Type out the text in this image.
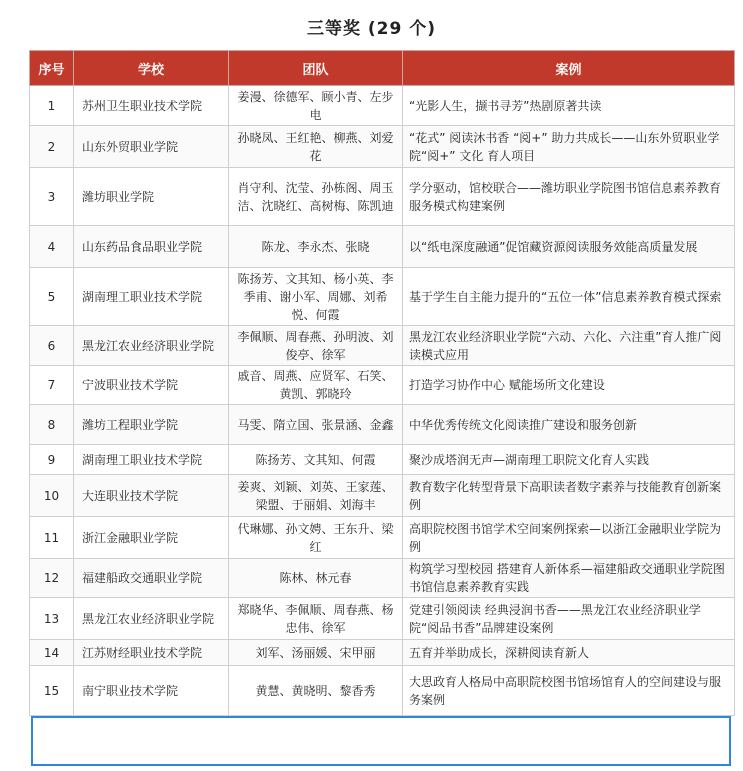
三等奖 (29 个)
序号	学校	团队	案例
1	苏州卫生职业技术学院	姜漫、徐德军、顾小青、左步电	“光影人生，撷书寻芳”热剧原著共读
2	山东外贸职业学院	孙晓凤、王红艳、柳燕、刘爱花	“花式” 阅读沐书香 “阅+” 助力共成长——山东外贸职业学院“阅+” 文化 育人项目
3	潍坊职业学院	肖守利、沈莹、孙栋阁、周玉洁、沈晓红、高树梅、陈凯迪	学分驱动，馆校联合——潍坊职业学院图书馆信息素养教育服务模式构建案例
4	山东药品食品职业学院	陈龙、李永杰、张晓	以“纸电深度融通”促馆藏资源阅读服务效能高质量发展
5	湖南理工职业技术学院	陈扬芳、文其知、杨小英、李季甫、谢小军、周娜、刘希悦、何霞	基于学生自主能力提升的“五位一体”信息素养教育模式探索
6	黑龙江农业经济职业学院	李佩顺、周春燕、孙明波、刘俊亭、徐军	黑龙江农业经济职业学院“六动、六化、六注重”育人推广阅读模式应用
7	宁波职业技术学院	戚音、周燕、应贤军、石笑、黄凯、郭晓玲	打造学习协作中心 赋能场所文化建设
8	潍坊工程职业学院	马雯、隋立国、张景涵、金鑫	中华优秀传统文化阅读推广建设和服务创新
9	湖南理工职业技术学院	陈扬芳、文其知、何霞	聚沙成塔润无声—湖南理工职院文化育人实践
10	大连职业技术学院	姜爽、刘颖、刘英、王家莲、梁盟、于丽娟、刘海丰	教育数字化转型背景下高职读者数字素养与技能教育创新案例
11	浙江金融职业学院	代琳娜、孙文娉、王东升、梁红	高职院校图书馆学术空间案例探索—以浙江金融职业学院为例
12	福建船政交通职业学院	陈林、林元春	构筑学习型校园 搭建育人新体系—福建船政交通职业学院图书馆信息素养教育实践
13	黑龙江农业经济职业学院	郑晓华、李佩顺、周春燕、杨忠伟、徐军	党建引领阅读 经典浸润书香——黑龙江农业经济职业学院“阅品书香”品牌建设案例
14	江苏财经职业技术学院	刘军、汤丽媛、宋甲丽	五育并举助成长，深耕阅读育新人
15	南宁职业技术学院	黄慧、黄晓明、黎香秀	大思政育人格局中高职院校图书馆场馆育人的空间建设与服务案例
